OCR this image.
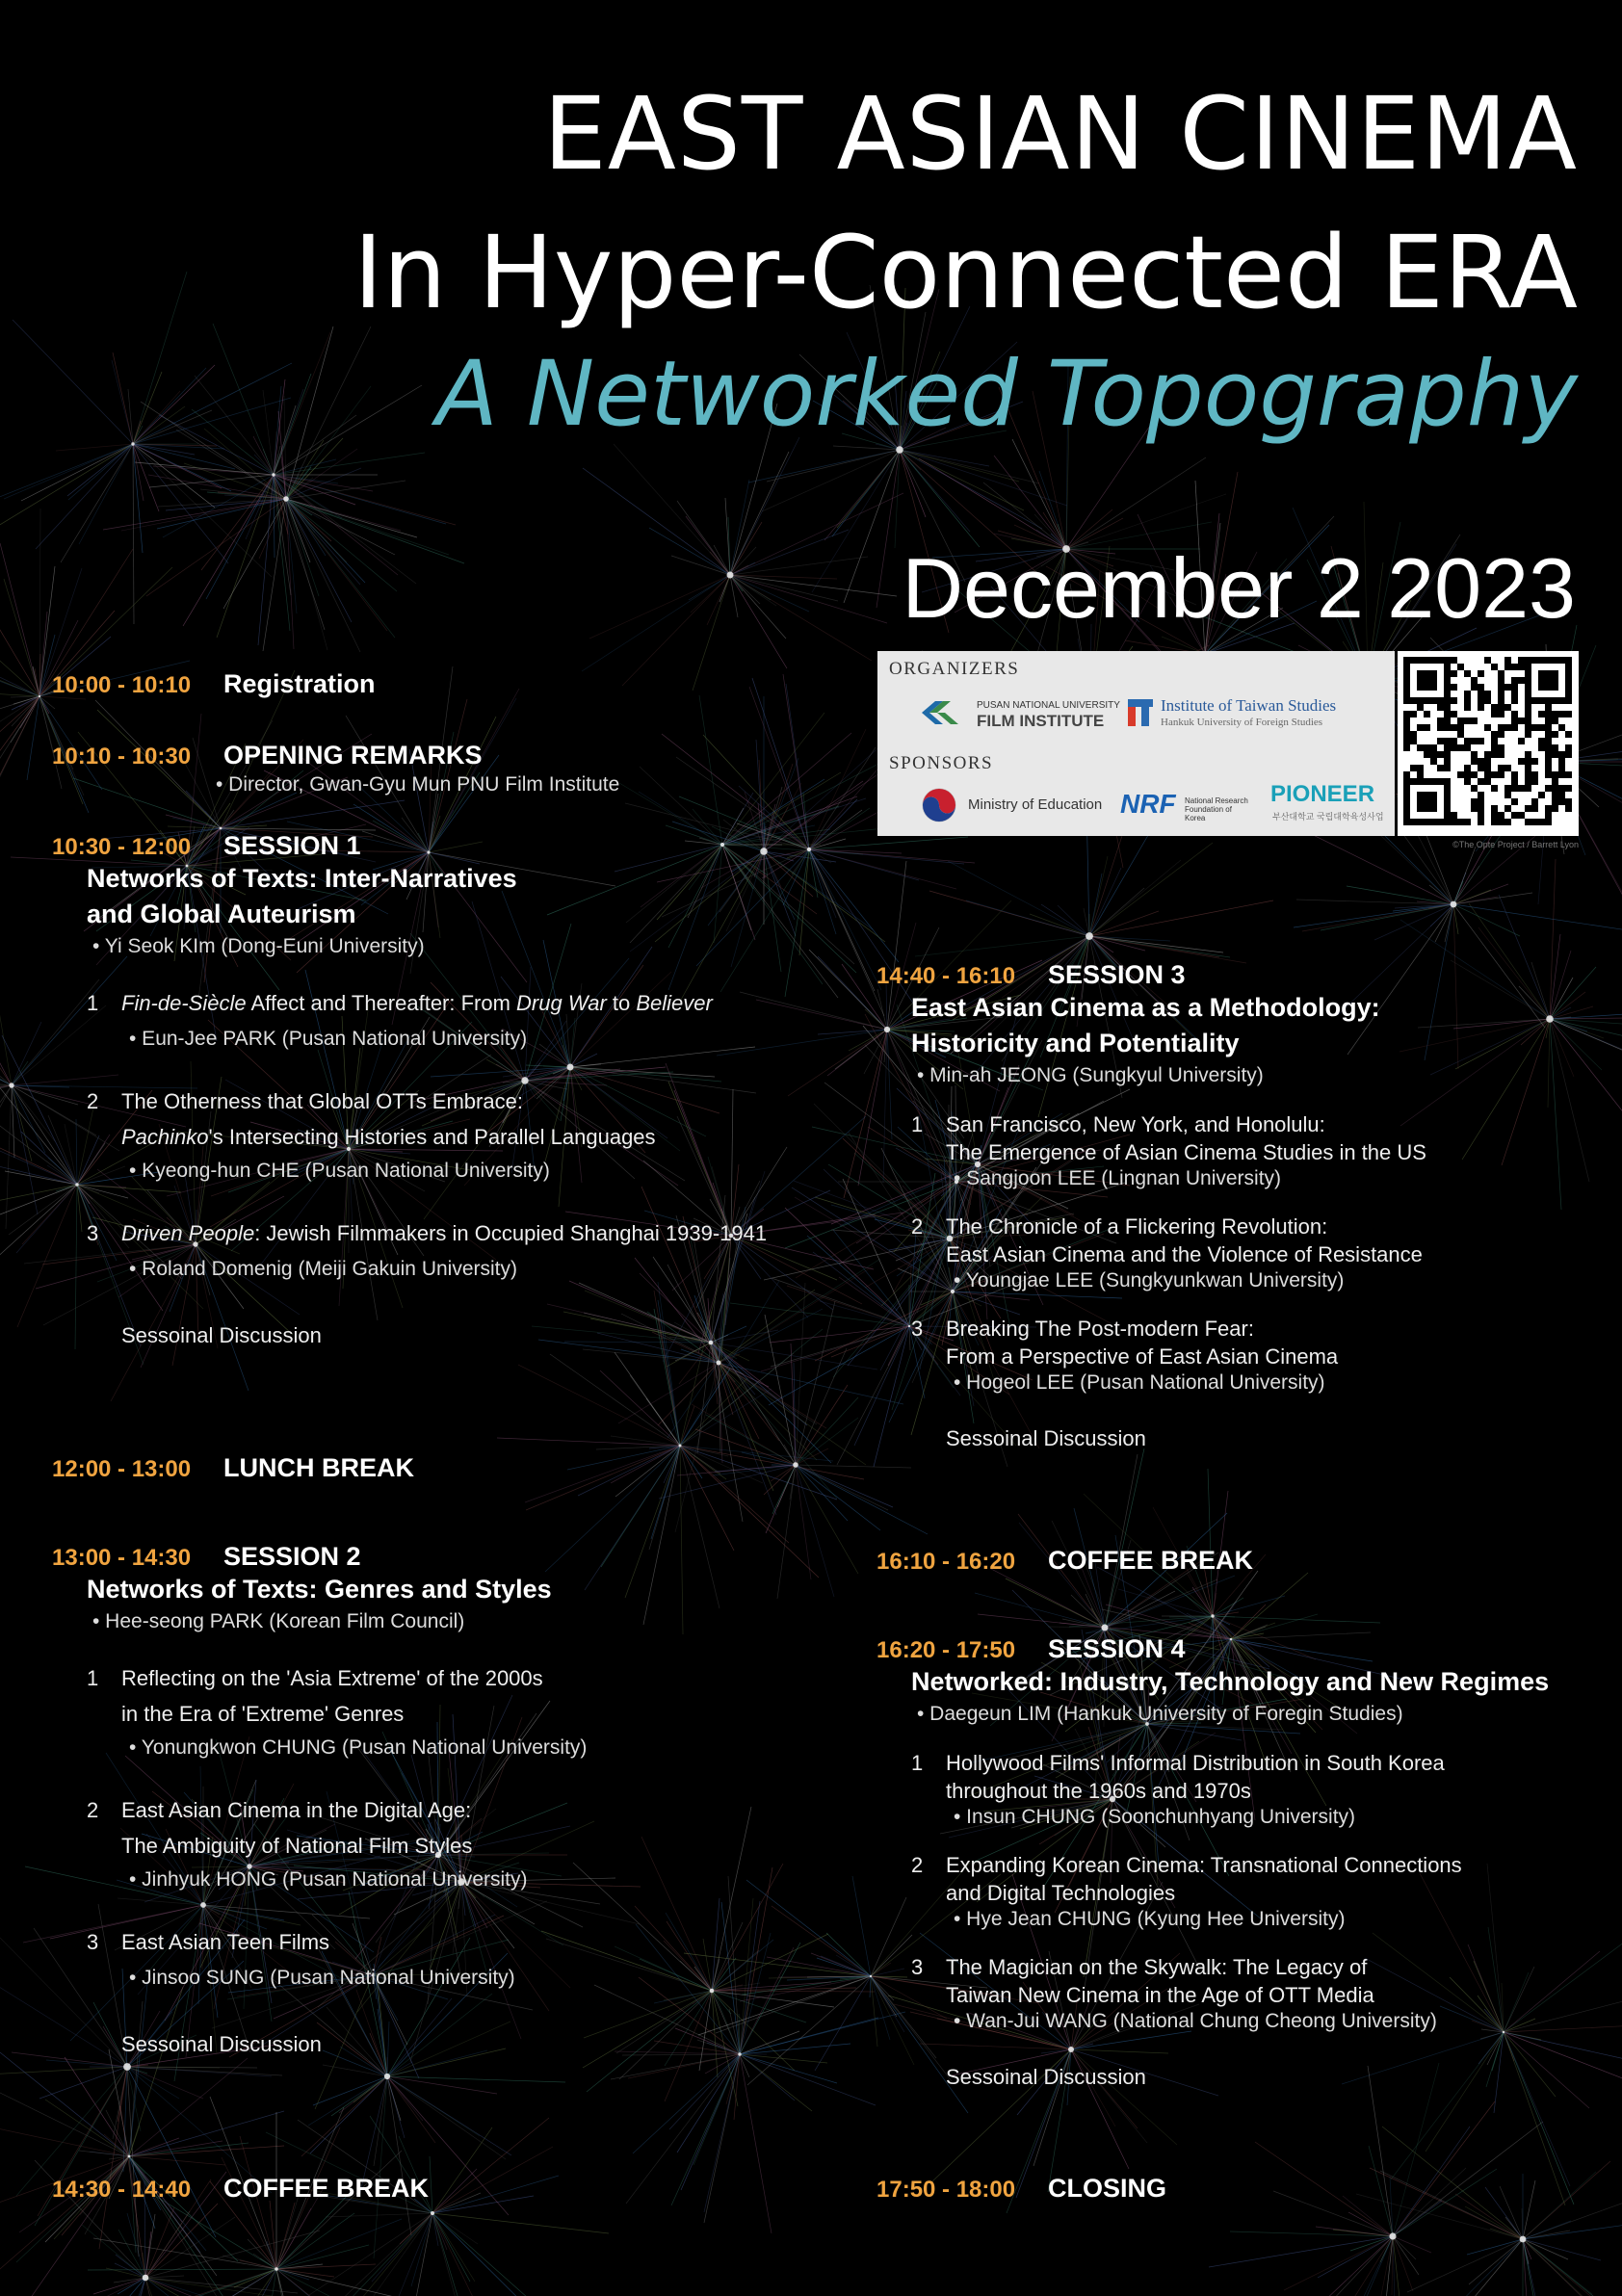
EAST ASIAN CINEMA
In Hyper-Connected ERA
A Networked Topography
December 2 2023
ORGANIZERS
PUSAN NATIONAL UNIVERSITY
FILM INSTITUTE
Institute of Taiwan Studies
Hankuk University of Foreign Studies
SPONSORS
Ministry of Education NRF National Research Foundation of Korea
PIONEER
부산대학교 국립대학육성사업
©The Opte Project / Barrett Lyon
10:00 - 10:10 Registration
10:10 - 10:30 OPENING REMARKS
• Director, Gwan-Gyu Mun PNU Film Institute
10:30 - 12:00 SESSION 1
Networks of Texts: Inter-Narratives
and Global Auteurism
• Yi Seok KIm (Dong-Euni University)
1 Fin-de-Siècle Affect and Thereafter: From Drug War to Believer
• Eun-Jee PARK (Pusan National University)
2 The Otherness that Global OTTs Embrace:
Pachinko's Intersecting Histories and Parallel Languages
• Kyeong-hun CHE (Pusan National University)
3 Driven People: Jewish Filmmakers in Occupied Shanghai 1939-1941
• Roland Domenig (Meiji Gakuin University)
Sessoinal Discussion
12:00 - 13:00 LUNCH BREAK
13:00 - 14:30 SESSION 2
Networks of Texts: Genres and Styles
• Hee-seong PARK (Korean Film Council)
1 Reflecting on the 'Asia Extreme' of the 2000s
in the Era of 'Extreme' Genres
• Yonungkwon CHUNG (Pusan National University)
2 East Asian Cinema in the Digital Age:
The Ambiguity of National Film Styles
• Jinhyuk HONG (Pusan National University)
3 East Asian Teen Films
• Jinsoo SUNG (Pusan National University)
Sessoinal Discussion
14:30 - 14:40 COFFEE BREAK
14:40 - 16:10 SESSION 3
East Asian Cinema as a Methodology:
Historicity and Potentiality
• Min-ah JEONG (Sungkyul University)
1 San Francisco, New York, and Honolulu:
The Emergence of Asian Cinema Studies in the US
• Sangjoon LEE (Lingnan University)
2 The Chronicle of a Flickering Revolution:
East Asian Cinema and the Violence of Resistance
• Youngjae LEE (Sungkyunkwan University)
3 Breaking The Post-modern Fear:
From a Perspective of East Asian Cinema
• Hogeol LEE (Pusan National University)
Sessoinal Discussion
16:10 - 16:20 COFFEE BREAK
16:20 - 17:50 SESSION 4
Networked: Industry, Technology and New Regimes
• Daegeun LIM (Hankuk University of Foregin Studies)
1 Hollywood Films' Informal Distribution in South Korea
throughout the 1960s and 1970s
• Insun CHUNG (Soonchunhyang University)
2 Expanding Korean Cinema: Transnational Connections
and Digital Technologies
• Hye Jean CHUNG (Kyung Hee University)
3 The Magician on the Skywalk: The Legacy of
Taiwan New Cinema in the Age of OTT Media
• Wan-Jui WANG (National Chung Cheong University)
Sessoinal Discussion
17:50 - 18:00 CLOSING
